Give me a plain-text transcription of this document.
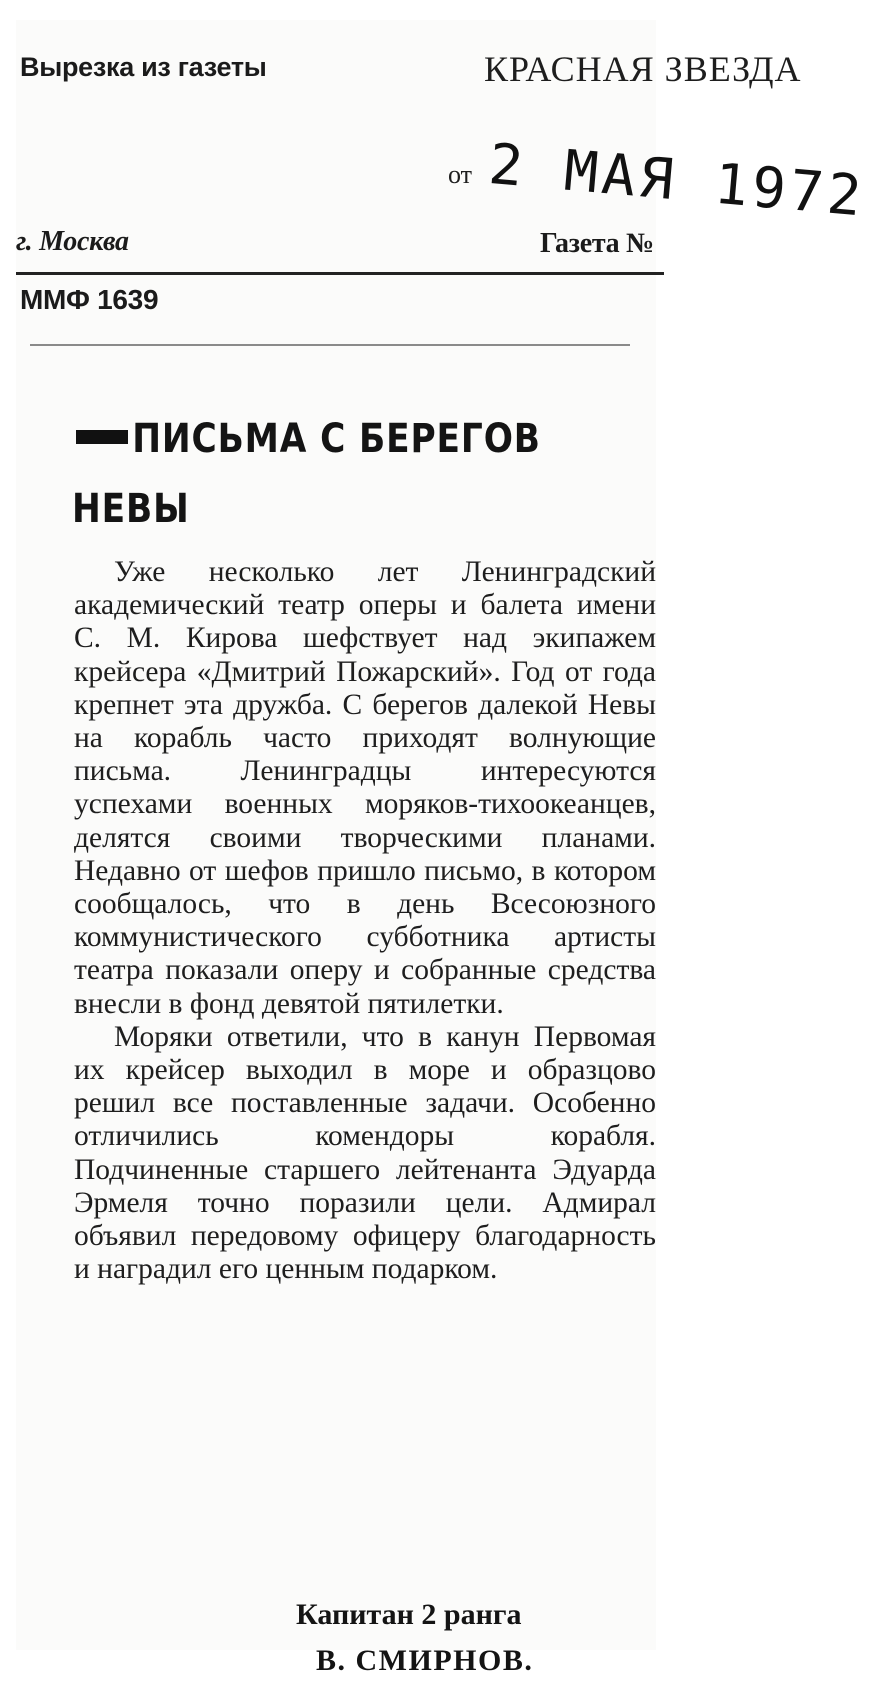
Вырезка из газеты	КРАСНАЯ ЗВЕЗДА
от 2 МАЯ 1972
г. Москва	Газета №
ММФ 1639
ПИСЬМА С БЕРЕГОВ НЕВЫ

Уже несколько лет Ленинградский академический театр оперы и балета имени С. М. Кирова шефствует над экипажем крейсера «Дмитрий Пожарский». Год от года крепнет эта дружба. С берегов далекой Невы на корабль часто приходят волнующие письма. Ленинградцы интересуются успехами военных моряков-тихоокеанцев, делятся своими творческими планами. Недавно от шефов пришло письмо, в котором сообщалось, что в день Всесоюзного коммунистического субботника артисты театра показали оперу и собранные средства внесли в фонд девятой пятилетки.

Моряки ответили, что в канун Первомая их крейсер выходил в море и образцово решил все поставленные задачи. Особенно отличились комендоры корабля. Подчиненные старшего лейтенанта Эдуарда Эрмеля точно поразили цели. Адмирал объявил передовому офицеру благодарность и наградил его ценным подарком.

Капитан 2 ранга
В. СМИРНОВ.
